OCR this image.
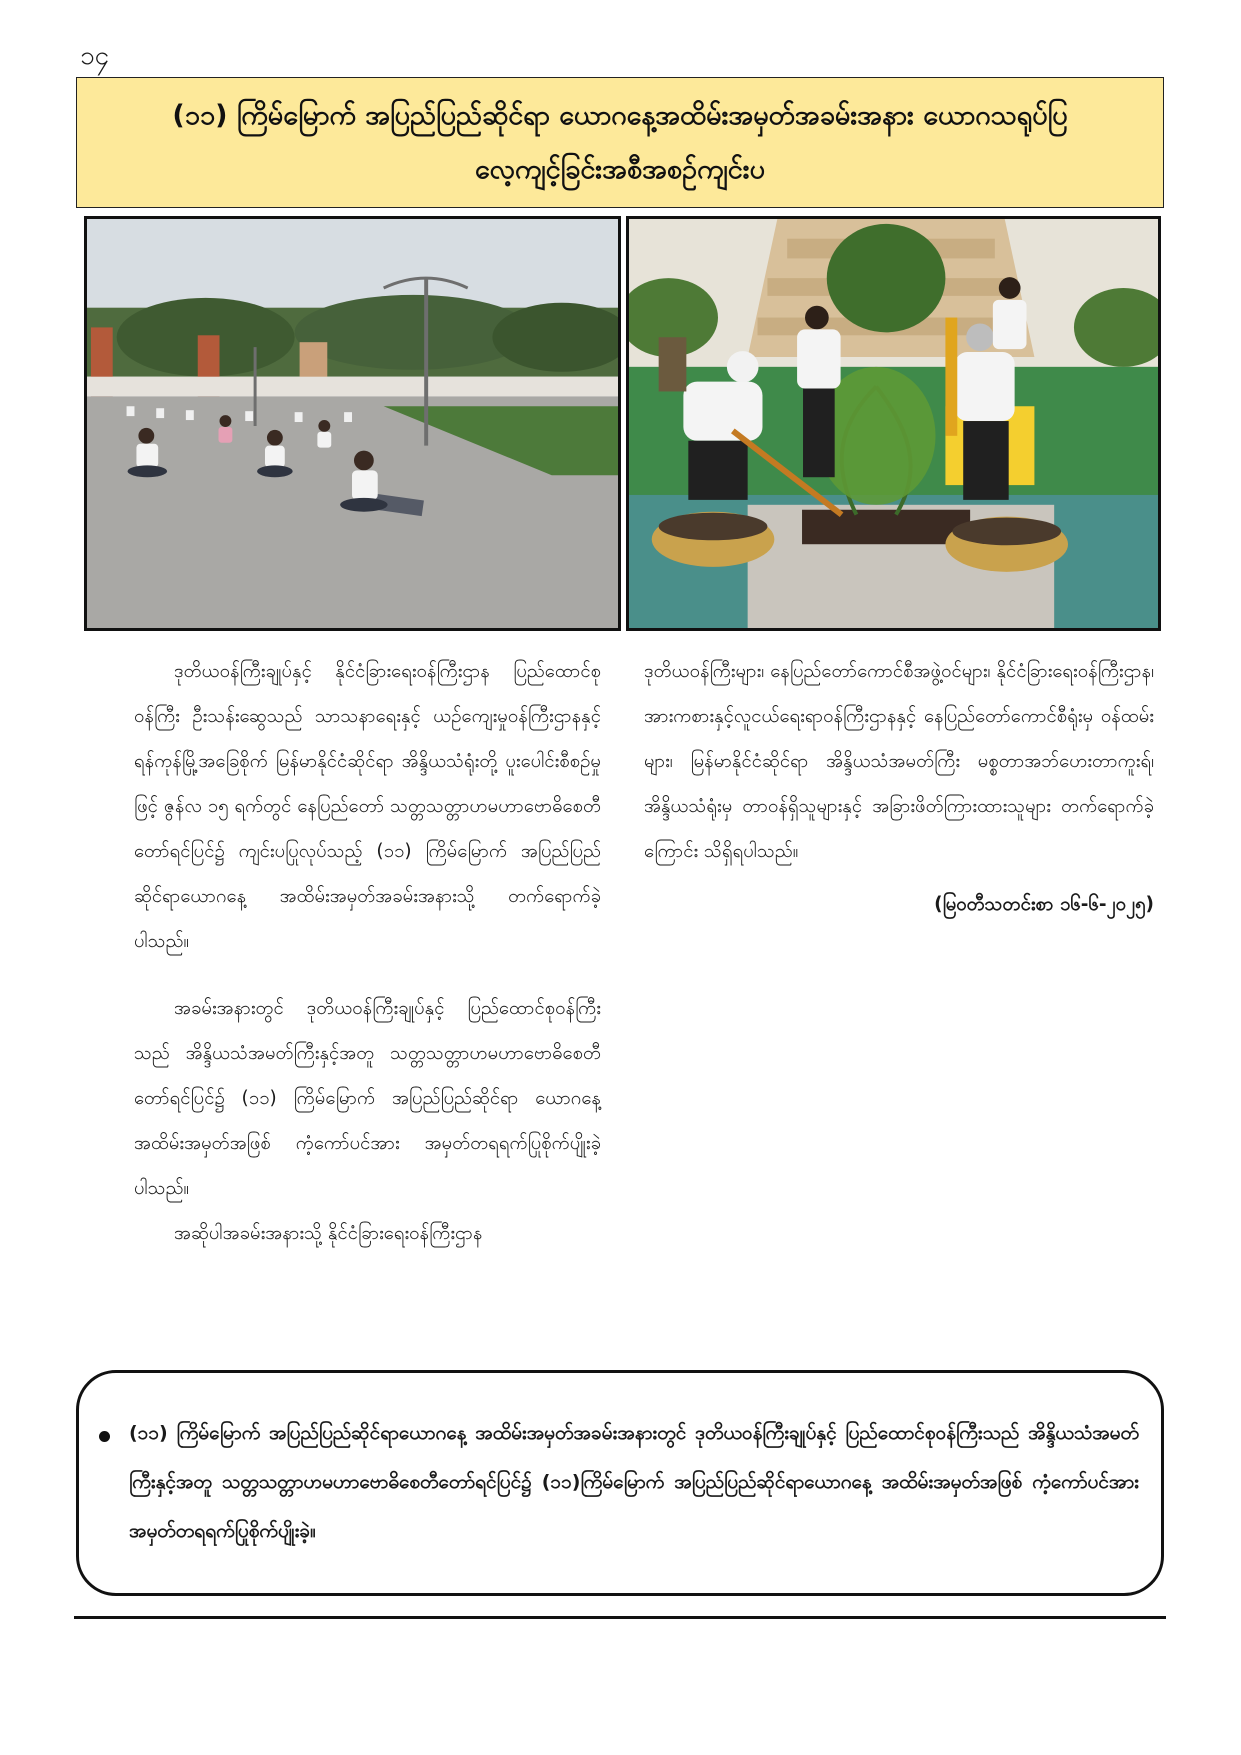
၁၄
(၁၁) ကြိမ်မြောက် အပြည်ပြည်ဆိုင်ရာ ယောဂနေ့အထိမ်းအမှတ်အခမ်းအနား ယောဂသရုပ်ပြ
လေ့ကျင့်ခြင်းအစီအစဉ်ကျင်းပ

ဒုတိယဝန်ကြီးချုပ်နှင့် နိုင်ငံခြားရေးဝန်ကြီးဌာန ပြည်ထောင်စုဝန်ကြီး ဦးသန်းဆွေသည် သာသနာရေးနှင့် ယဉ်ကျေးမှုဝန်ကြီးဌာနနှင့် ရန်ကုန်မြို့အခြေစိုက် မြန်မာနိုင်ငံဆိုင်ရာ အိန္ဒိယသံရုံးတို့ ပူးပေါင်းစီစဉ်မှုဖြင့် ဇွန်လ ၁၅ ရက်တွင် နေပြည်တော် သတ္တသတ္တာဟမဟာဗောဓိစေတီတော်ရင်ပြင်၌ ကျင်းပပြုလုပ်သည့် (၁၁) ကြိမ်မြောက် အပြည်ပြည်ဆိုင်ရာယောဂနေ့ အထိမ်းအမှတ်အခမ်းအနားသို့ တက်ရောက်ခဲ့ပါသည်။

အခမ်းအနားတွင် ဒုတိယဝန်ကြီးချုပ်နှင့် ပြည်ထောင်စုဝန်ကြီးသည် အိန္ဒိယသံအမတ်ကြီးနှင့်အတူ သတ္တသတ္တာဟမဟာဗောဓိစေတီတော်ရင်ပြင်၌ (၁၁) ကြိမ်မြောက် အပြည်ပြည်ဆိုင်ရာ ယောဂနေ့အထိမ်းအမှတ်အဖြစ် ကံ့ကော်ပင်အား အမှတ်တရရက်ပြုစိုက်ပျိုးခဲ့ပါသည်။

အဆိုပါအခမ်းအနားသို့ နိုင်ငံခြားရေးဝန်ကြီးဌာန

ဒုတိယဝန်ကြီးများ၊ နေပြည်တော်ကောင်စီအဖွဲ့ဝင်များ၊ နိုင်ငံခြားရေးဝန်ကြီးဌာန၊ အားကစားနှင့်လူငယ်ရေးရာဝန်ကြီးဌာနနှင့် နေပြည်တော်ကောင်စီရုံးမှ ဝန်ထမ်းများ၊ မြန်မာနိုင်ငံဆိုင်ရာ အိန္ဒိယသံအမတ်ကြီး မစ္စတာအဘ်ဟေးတာကူးရ်၊ အိန္ဒိယသံရုံးမှ တာဝန်ရှိသူများနှင့် အခြားဖိတ်ကြားထားသူများ တက်ရောက်ခဲ့ကြောင်း သိရှိရပါသည်။

(မြဝတီသတင်းစာ ၁၆-၆-၂၀၂၅)

(၁၁) ကြိမ်မြောက် အပြည်ပြည်ဆိုင်ရာယောဂနေ့ အထိမ်းအမှတ်အခမ်းအနားတွင် ဒုတိယဝန်ကြီးချုပ်နှင့် ပြည်ထောင်စုဝန်ကြီးသည် အိန္ဒိယသံအမတ်ကြီးနှင့်အတူ သတ္တသတ္တာဟမဟာဗောဓိစေတီတော်ရင်ပြင်၌ (၁၁)ကြိမ်မြောက် အပြည်ပြည်ဆိုင်ရာယောဂနေ့ အထိမ်းအမှတ်အဖြစ် ကံ့ကော်ပင်အား အမှတ်တရရက်ပြုစိုက်ပျိုးခဲ့။
